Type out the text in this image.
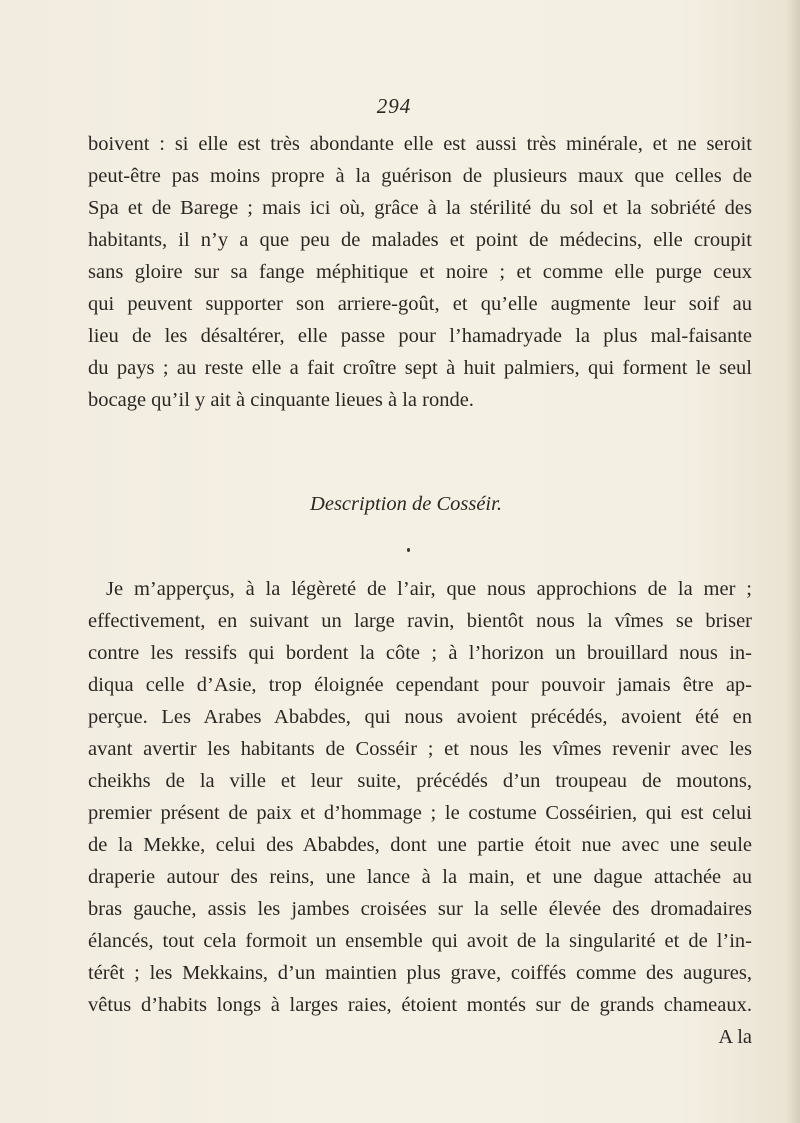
294
boivent : si elle est très abondante elle est aussi très minérale, et ne seroit
peut-être pas moins propre à la guérison de plusieurs maux que celles de
Spa et de Barege ; mais ici où, grâce à la stérilité du sol et la sobriété des
habitants, il n’y a que peu de malades et point de médecins, elle croupit
sans gloire sur sa fange méphitique et noire ; et comme elle purge ceux
qui peuvent supporter son arriere-goût, et qu’elle augmente leur soif au
lieu de les désaltérer, elle passe pour l’hamadryade la plus mal-faisante
du pays ; au reste elle a fait croître sept à huit palmiers, qui forment le seul
bocage qu’il y ait à cinquante lieues à la ronde.
Description de Cosséir.
Je m’apperçus, à la légèreté de l’air, que nous approchions de la mer ;
effectivement, en suivant un large ravin, bientôt nous la vîmes se briser
contre les ressifs qui bordent la côte ; à l’horizon un brouillard nous in-
diqua celle d’Asie, trop éloignée cependant pour pouvoir jamais être ap-
perçue. Les Arabes Ababdes, qui nous avoient précédés, avoient été en
avant avertir les habitants de Cosséir ; et nous les vîmes revenir avec les
cheikhs de la ville et leur suite, précédés d’un troupeau de moutons,
premier présent de paix et d’hommage ; le costume Cosséirien, qui est celui
de la Mekke, celui des Ababdes, dont une partie étoit nue avec une seule
draperie autour des reins, une lance à la main, et une dague attachée au
bras gauche, assis les jambes croisées sur la selle élevée des dromadaires
élancés, tout cela formoit un ensemble qui avoit de la singularité et de l’in-
térêt ; les Mekkains, d’un maintien plus grave, coiffés comme des augures,
vêtus d’habits longs à larges raies, étoient montés sur de grands chameaux.
A la
